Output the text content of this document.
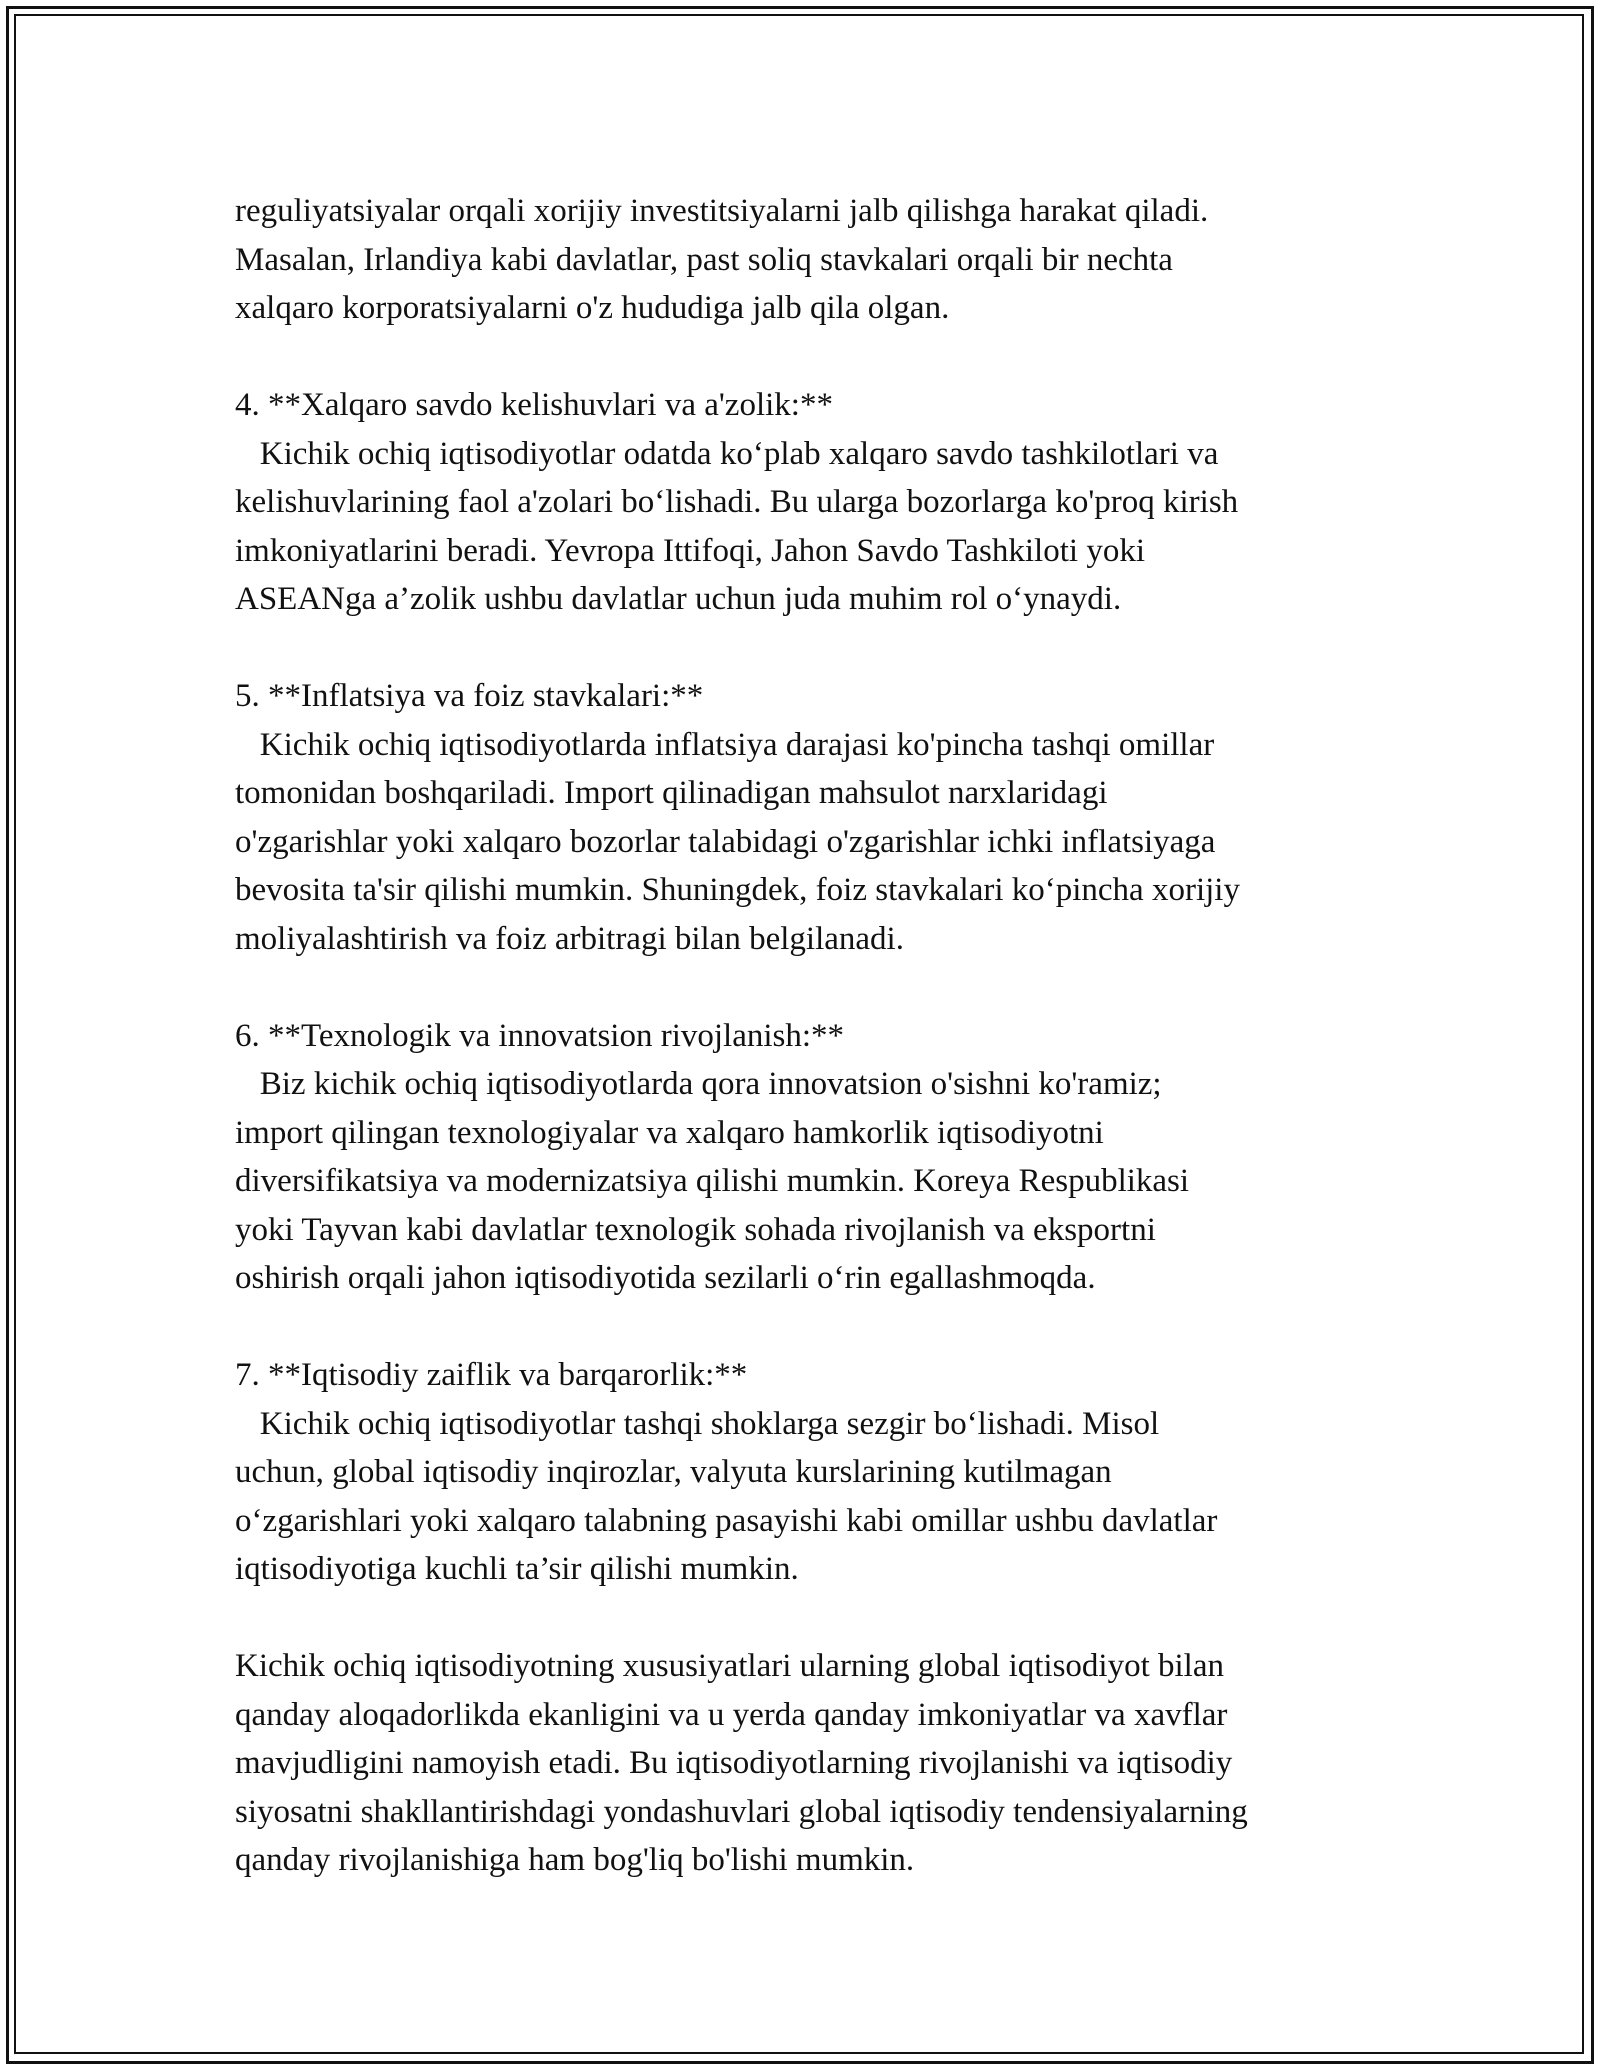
reguliyatsiyalar orqali xorijiy investitsiyalarni jalb qilishga harakat qiladi.
Masalan, Irlandiya kabi davlatlar, past soliq stavkalari orqali bir nechta
xalqaro korporatsiyalarni o'z hududiga jalb qila olgan.
4. **Xalqaro savdo kelishuvlari va a'zolik:**
Kichik ochiq iqtisodiyotlar odatda ko‘plab xalqaro savdo tashkilotlari va
kelishuvlarining faol a'zolari bo‘lishadi. Bu ularga bozorlarga ko'proq kirish
imkoniyatlarini beradi. Yevropa Ittifoqi, Jahon Savdo Tashkiloti yoki
ASEANga a’zolik ushbu davlatlar uchun juda muhim rol o‘ynaydi.
5. **Inflatsiya va foiz stavkalari:**
Kichik ochiq iqtisodiyotlarda inflatsiya darajasi ko'pincha tashqi omillar
tomonidan boshqariladi. Import qilinadigan mahsulot narxlaridagi
o'zgarishlar yoki xalqaro bozorlar talabidagi o'zgarishlar ichki inflatsiyaga
bevosita ta'sir qilishi mumkin. Shuningdek, foiz stavkalari ko‘pincha xorijiy
moliyalashtirish va foiz arbitragi bilan belgilanadi.
6. **Texnologik va innovatsion rivojlanish:**
Biz kichik ochiq iqtisodiyotlarda qora innovatsion o'sishni ko'ramiz;
import qilingan texnologiyalar va xalqaro hamkorlik iqtisodiyotni
diversifikatsiya va modernizatsiya qilishi mumkin. Koreya Respublikasi
yoki Tayvan kabi davlatlar texnologik sohada rivojlanish va eksportni
oshirish orqali jahon iqtisodiyotida sezilarli o‘rin egallashmoqda.
7. **Iqtisodiy zaiflik va barqarorlik:**
Kichik ochiq iqtisodiyotlar tashqi shoklarga sezgir bo‘lishadi. Misol
uchun, global iqtisodiy inqirozlar, valyuta kurslarining kutilmagan
o‘zgarishlari yoki xalqaro talabning pasayishi kabi omillar ushbu davlatlar
iqtisodiyotiga kuchli ta’sir qilishi mumkin.
Kichik ochiq iqtisodiyotning xususiyatlari ularning global iqtisodiyot bilan
qanday aloqadorlikda ekanligini va u yerda qanday imkoniyatlar va xavflar
mavjudligini namoyish etadi. Bu iqtisodiyotlarning rivojlanishi va iqtisodiy
siyosatni shakllantirishdagi yondashuvlari global iqtisodiy tendensiyalarning
qanday rivojlanishiga ham bog'liq bo'lishi mumkin.
